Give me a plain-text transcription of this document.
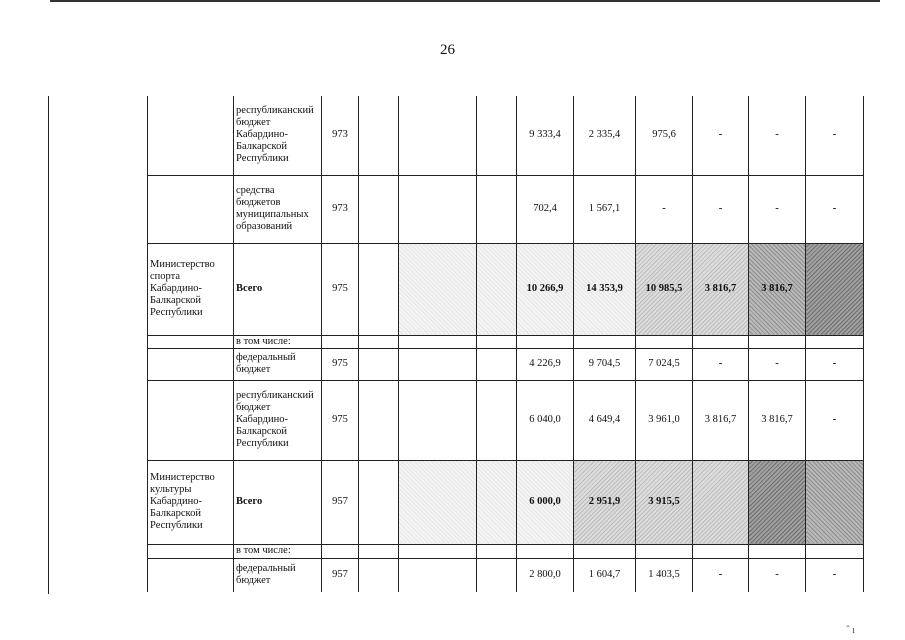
26
	республиканский бюджет Кабардино-Балкарской Республики	973				9 333,4	2 335,4	975,6	-	-	-
	средства бюджетов муниципальных образований	973				702,4	1 567,1	-	-	-	-
Министерство спорта Кабардино-Балкарской Республики	Всего	975				10 266,9	14 353,9	10 985,5	3 816,7	3 816,7	
	в том числе:										
	федеральный бюджет	975				4 226,9	9 704,5	7 024,5	-	-	-
	республиканский бюджет Кабардино-Балкарской Республики	975				6 040,0	4 649,4	3 961,0	3 816,7	3 816,7	-
Министерство культуры Кабардино-Балкарской Республики	Всего	957				6 000,0	2 951,9	3 915,5			
	в том числе:										
	федеральный бюджет	957				2 800,0	1 604,7	1 403,5	-	-	-
ˆ ı
